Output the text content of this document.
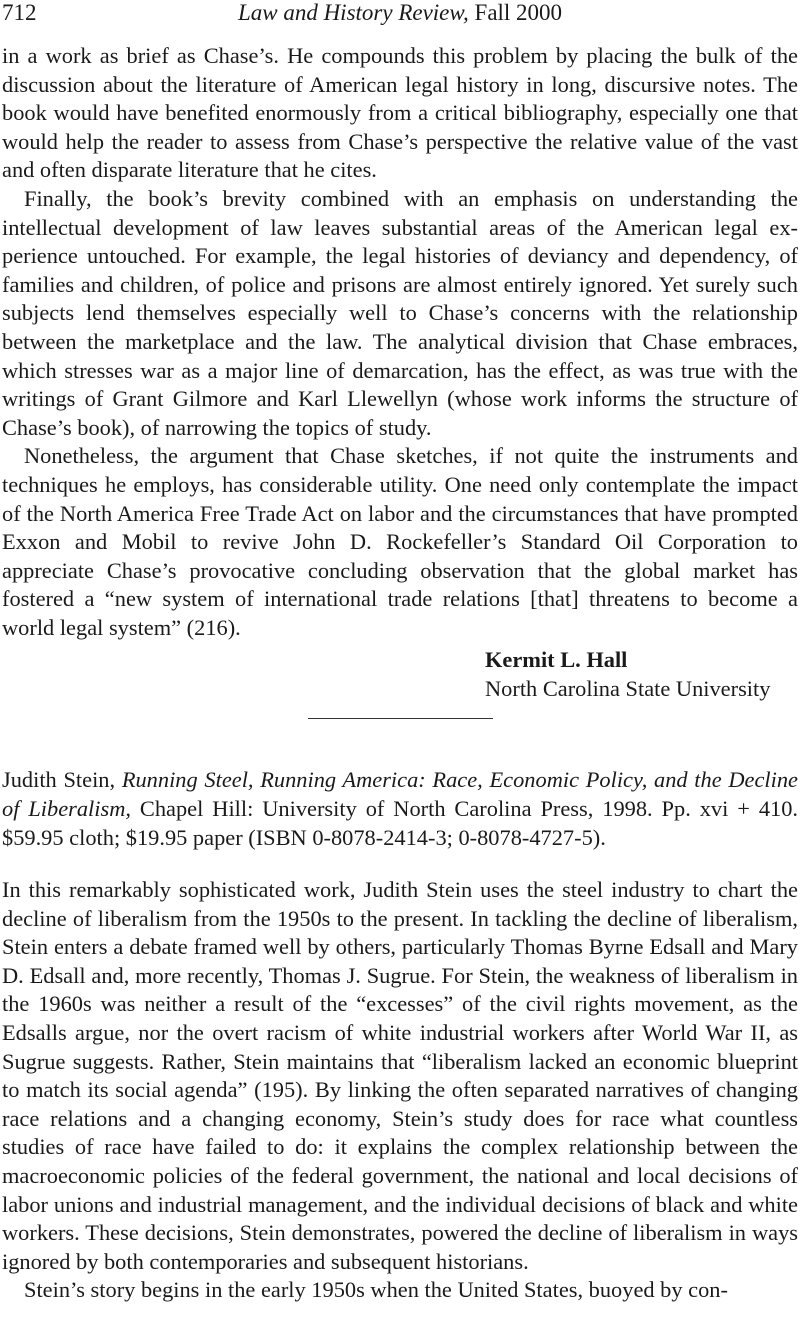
712	Law and History Review, Fall 2000

in a work as brief as Chase’s. He compounds this problem by placing the bulk of the discussion about the literature of American legal history in long, discursive notes. The book would have benefited enormously from a critical bibliography, especially one that would help the reader to assess from Chase’s perspective the relative value of the vast and often disparate literature that he cites.

Finally, the book’s brevity combined with an emphasis on understanding the intellectual development of law leaves substantial areas of the American legal experience untouched. For example, the legal histories of deviancy and dependency, of families and children, of police and prisons are almost entirely ignored. Yet surely such subjects lend themselves especially well to Chase’s concerns with the relationship between the marketplace and the law. The analytical division that Chase embraces, which stresses war as a major line of demarcation, has the effect, as was true with the writings of Grant Gilmore and Karl Llewellyn (whose work informs the structure of Chase’s book), of narrowing the topics of study.

Nonetheless, the argument that Chase sketches, if not quite the instruments and techniques he employs, has considerable utility. One need only contemplate the impact of the North America Free Trade Act on labor and the circumstances that have prompted Exxon and Mobil to revive John D. Rockefeller’s Standard Oil Corporation to appreciate Chase’s provocative concluding observation that the global market has fostered a “new system of international trade relations [that] threatens to become a world legal system” (216).

Kermit L. Hall
North Carolina State University
Judith Stein, Running Steel, Running America: Race, Economic Policy, and the Decline of Liberalism, Chapel Hill: University of North Carolina Press, 1998. Pp. xvi + 410. $59.95 cloth; $19.95 paper (ISBN 0-8078-2414-3; 0-8078-4727-5).

In this remarkably sophisticated work, Judith Stein uses the steel industry to chart the decline of liberalism from the 1950s to the present. In tackling the decline of liberalism, Stein enters a debate framed well by others, particularly Thomas Byrne Edsall and Mary D. Edsall and, more recently, Thomas J. Sugrue. For Stein, the weakness of liberalism in the 1960s was neither a result of the “excesses” of the civil rights movement, as the Edsalls argue, nor the overt racism of white industrial workers after World War II, as Sugrue suggests. Rather, Stein maintains that “liberalism lacked an economic blueprint to match its social agenda” (195). By linking the often separated narratives of changing race relations and a changing economy, Stein’s study does for race what countless studies of race have failed to do: it explains the complex relationship between the macroeconomic policies of the federal government, the national and local decisions of labor unions and industrial management, and the individual decisions of black and white workers. These decisions, Stein demonstrates, powered the decline of liberalism in ways ignored by both contemporaries and subsequent historians.

Stein’s story begins in the early 1950s when the United States, buoyed by con-
